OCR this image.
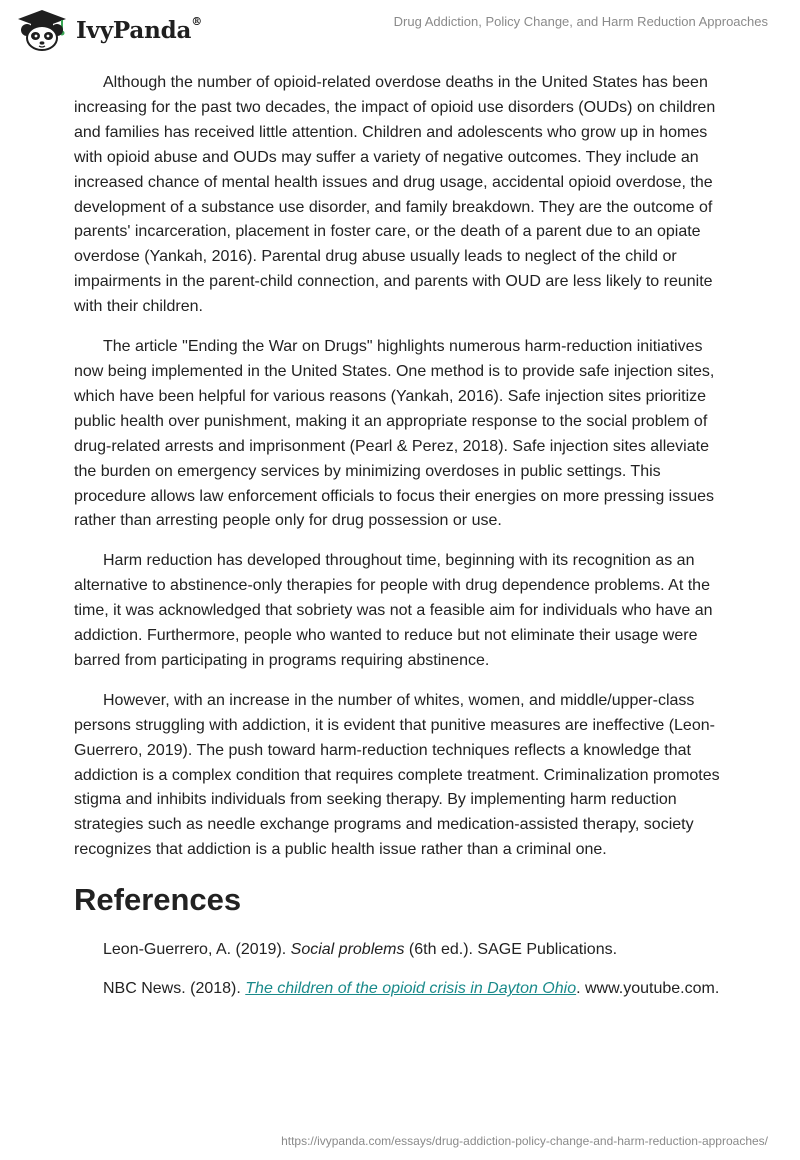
IvyPanda®	Drug Addiction, Policy Change, and Harm Reduction Approaches

Although the number of opioid-related overdose deaths in the United States has been increasing for the past two decades, the impact of opioid use disorders (OUDs) on children and families has received little attention. Children and adolescents who grow up in homes with opioid abuse and OUDs may suffer a variety of negative outcomes. They include an increased chance of mental health issues and drug usage, accidental opioid overdose, the development of a substance use disorder, and family breakdown. They are the outcome of parents' incarceration, placement in foster care, or the death of a parent due to an opiate overdose (Yankah, 2016). Parental drug abuse usually leads to neglect of the child or impairments in the parent-child connection, and parents with OUD are less likely to reunite with their children.

The article "Ending the War on Drugs" highlights numerous harm-reduction initiatives now being implemented in the United States. One method is to provide safe injection sites, which have been helpful for various reasons (Yankah, 2016). Safe injection sites prioritize public health over punishment, making it an appropriate response to the social problem of drug-related arrests and imprisonment (Pearl & Perez, 2018). Safe injection sites alleviate the burden on emergency services by minimizing overdoses in public settings. This procedure allows law enforcement officials to focus their energies on more pressing issues rather than arresting people only for drug possession or use.

Harm reduction has developed throughout time, beginning with its recognition as an alternative to abstinence-only therapies for people with drug dependence problems. At the time, it was acknowledged that sobriety was not a feasible aim for individuals who have an addiction. Furthermore, people who wanted to reduce but not eliminate their usage were barred from participating in programs requiring abstinence.

However, with an increase in the number of whites, women, and middle/upper-class persons struggling with addiction, it is evident that punitive measures are ineffective (Leon-Guerrero, 2019). The push toward harm-reduction techniques reflects a knowledge that addiction is a complex condition that requires complete treatment. Criminalization promotes stigma and inhibits individuals from seeking therapy. By implementing harm reduction strategies such as needle exchange programs and medication-assisted therapy, society recognizes that addiction is a public health issue rather than a criminal one.

References

Leon-Guerrero, A. (2019). Social problems (6th ed.). SAGE Publications.

NBC News. (2018). The children of the opioid crisis in Dayton Ohio. www.youtube.com.

https://ivypanda.com/essays/drug-addiction-policy-change-and-harm-reduction-approaches/
